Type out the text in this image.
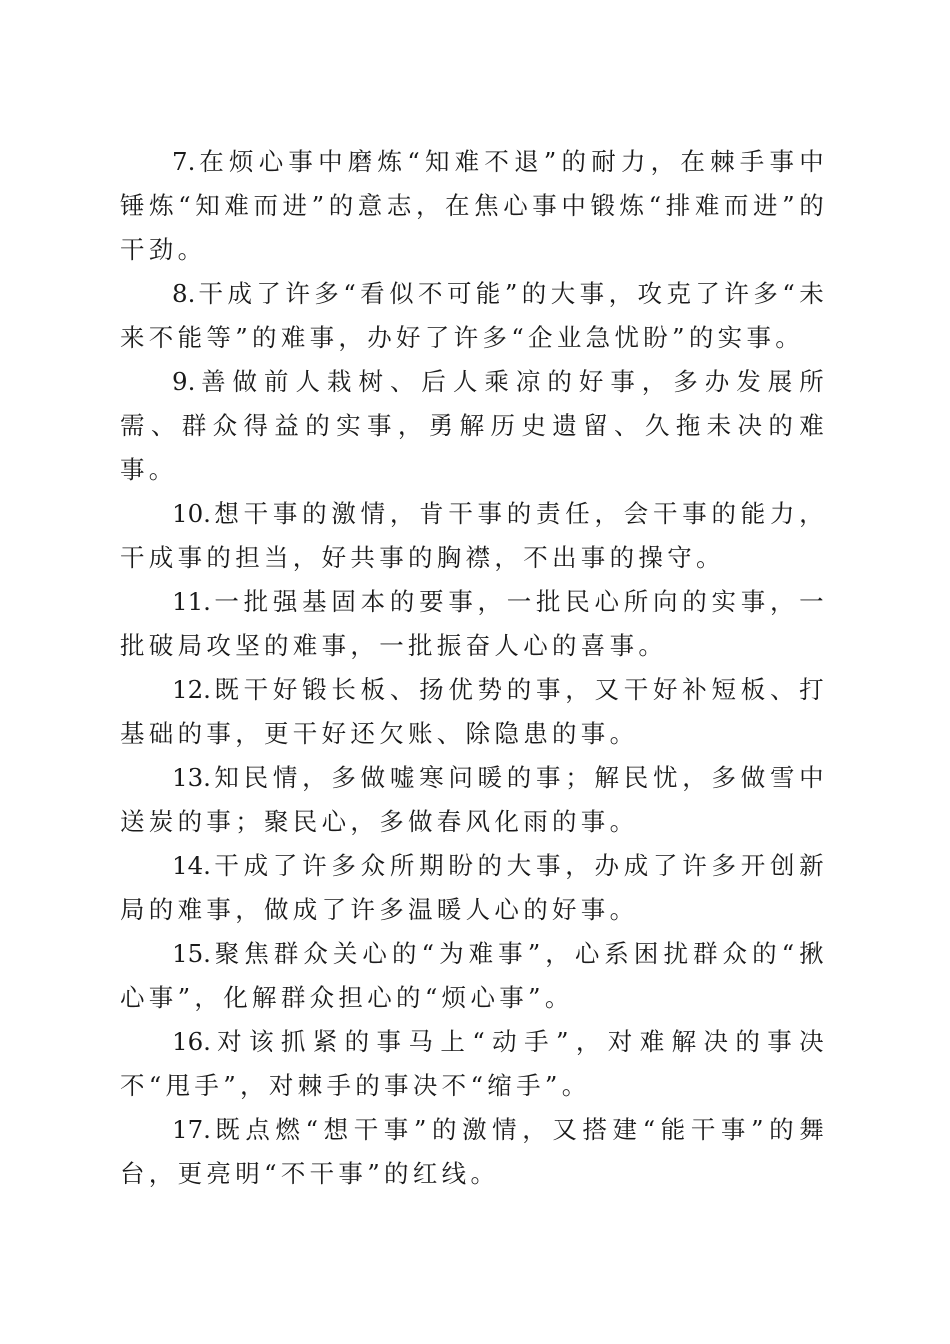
7. 在烦心事中磨炼“知难不退”的耐力，在棘手事中锤炼“知难而进”的意志，在焦心事中锻炼“排难而进”的干劲。

8. 干成了许多“看似不可能”的大事，攻克了许多“未来不能等”的难事，办好了许多“企业急忧盼”的实事。

9. 善做前人栽树、后人乘凉的好事，多办发展所需、群众得益的实事，勇解历史遗留、久拖未决的难事。

10. 想干事的激情，肯干事的责任，会干事的能力，干成事的担当，好共事的胸襟，不出事的操守。

11. 一批强基固本的要事，一批民心所向的实事，一批破局攻坚的难事，一批振奋人心的喜事。

12. 既干好锻长板、扬优势的事，又干好补短板、打基础的事，更干好还欠账、除隐患的事。

13. 知民情，多做嘘寒问暖的事；解民忧，多做雪中送炭的事；聚民心，多做春风化雨的事。

14. 干成了许多众所期盼的大事，办成了许多开创新局的难事，做成了许多温暖人心的好事。

15. 聚焦群众关心的“为难事”，心系困扰群众的“揪心事”，化解群众担心的“烦心事”。

16. 对该抓紧的事马上“动手”，对难解决的事决不“甩手”，对棘手的事决不“缩手”。

17. 既点燃“想干事”的激情，又搭建“能干事”的舞台，更亮明“不干事”的红线。
